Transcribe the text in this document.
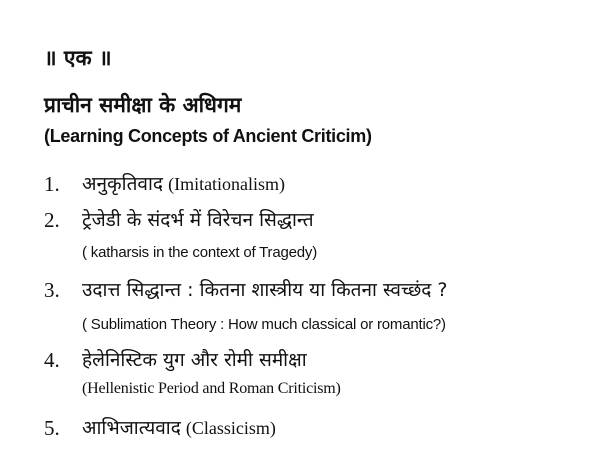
॥ एक ॥
प्राचीन समीक्षा के अधिगम
(Learning Concepts of Ancient Criticim)
1. अनुकृतिवाद (Imitationalism)
2. ट्रेजेडी के संदर्भ में विरेचन सिद्धान्त
( katharsis in the context of Tragedy)
3. उदात्त सिद्धान्त : कितना शास्त्रीय या कितना स्वच्छंद ?
( Sublimation Theory : How much classical or romantic?)
4. हेलेनिस्टिक युग और रोमी समीक्षा
(Hellenistic Period and Roman Criticism)
5. आभिजात्यवाद (Classicism)
